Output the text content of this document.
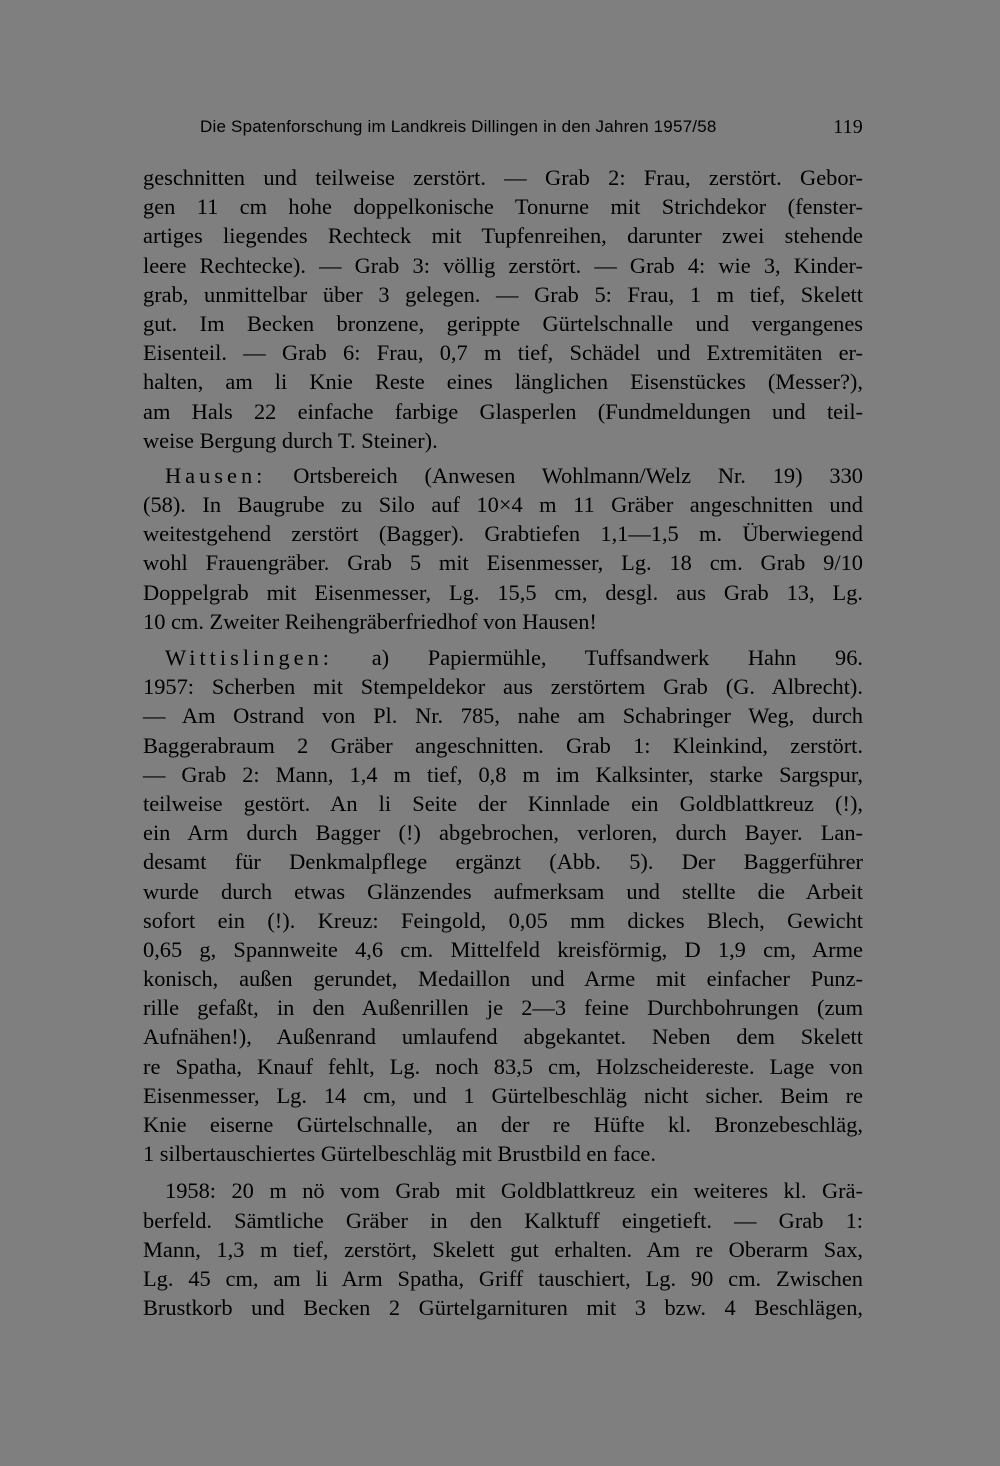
Die Spatenforschung im Landkreis Dillingen in den Jahren 1957/58	119

geschnitten und teilweise zerstört. — Grab 2: Frau, zerstört. Gebor-
gen 11 cm hohe doppelkonische Tonurne mit Strichdekor (fenster-
artiges liegendes Rechteck mit Tupfenreihen, darunter zwei stehende
leere Rechtecke). — Grab 3: völlig zerstört. — Grab 4: wie 3, Kinder-
grab, unmittelbar über 3 gelegen. — Grab 5: Frau, 1 m tief, Skelett
gut. Im Becken bronzene, gerippte Gürtelschnalle und vergangenes
Eisenteil. — Grab 6: Frau, 0,7 m tief, Schädel und Extremitäten er-
halten, am li Knie Reste eines länglichen Eisenstückes (Messer?),
am Hals 22 einfache farbige Glasperlen (Fundmeldungen und teil-
weise Bergung durch T. Steiner).

Hausen: Ortsbereich (Anwesen Wohlmann/Welz Nr. 19) 330
(58). In Baugrube zu Silo auf 10×4 m 11 Gräber angeschnitten und
weitestgehend zerstört (Bagger). Grabtiefen 1,1—1,5 m. Überwiegend
wohl Frauengräber. Grab 5 mit Eisenmesser, Lg. 18 cm. Grab 9/10
Doppelgrab mit Eisenmesser, Lg. 15,5 cm, desgl. aus Grab 13, Lg.
10 cm. Zweiter Reihengräberfriedhof von Hausen!

Wittislingen: a) Papiermühle, Tuffsandwerk Hahn 96.
1957: Scherben mit Stempeldekor aus zerstörtem Grab (G. Albrecht).
— Am Ostrand von Pl. Nr. 785, nahe am Schabringer Weg, durch
Baggerabraum 2 Gräber angeschnitten. Grab 1: Kleinkind, zerstört.
— Grab 2: Mann, 1,4 m tief, 0,8 m im Kalksinter, starke Sargspur,
teilweise gestört. An li Seite der Kinnlade ein Goldblattkreuz (!),
ein Arm durch Bagger (!) abgebrochen, verloren, durch Bayer. Lan-
desamt für Denkmalpflege ergänzt (Abb. 5). Der Baggerführer
wurde durch etwas Glänzendes aufmerksam und stellte die Arbeit
sofort ein (!). Kreuz: Feingold, 0,05 mm dickes Blech, Gewicht
0,65 g, Spannweite 4,6 cm. Mittelfeld kreisförmig, D 1,9 cm, Arme
konisch, außen gerundet, Medaillon und Arme mit einfacher Punz-
rille gefaßt, in den Außenrillen je 2—3 feine Durchbohrungen (zum
Aufnähen!), Außenrand umlaufend abgekantet. Neben dem Skelett
re Spatha, Knauf fehlt, Lg. noch 83,5 cm, Holzscheidereste. Lage von
Eisenmesser, Lg. 14 cm, und 1 Gürtelbeschläg nicht sicher. Beim re
Knie eiserne Gürtelschnalle, an der re Hüfte kl. Bronzebeschläg,
1 silbertauschiertes Gürtelbeschläg mit Brustbild en face.

1958: 20 m nö vom Grab mit Goldblattkreuz ein weiteres kl. Grä-
berfeld. Sämtliche Gräber in den Kalktuff eingetieft. — Grab 1:
Mann, 1,3 m tief, zerstört, Skelett gut erhalten. Am re Oberarm Sax,
Lg. 45 cm, am li Arm Spatha, Griff tauschiert, Lg. 90 cm. Zwischen
Brustkorb und Becken 2 Gürtelgarnituren mit 3 bzw. 4 Beschlägen,
